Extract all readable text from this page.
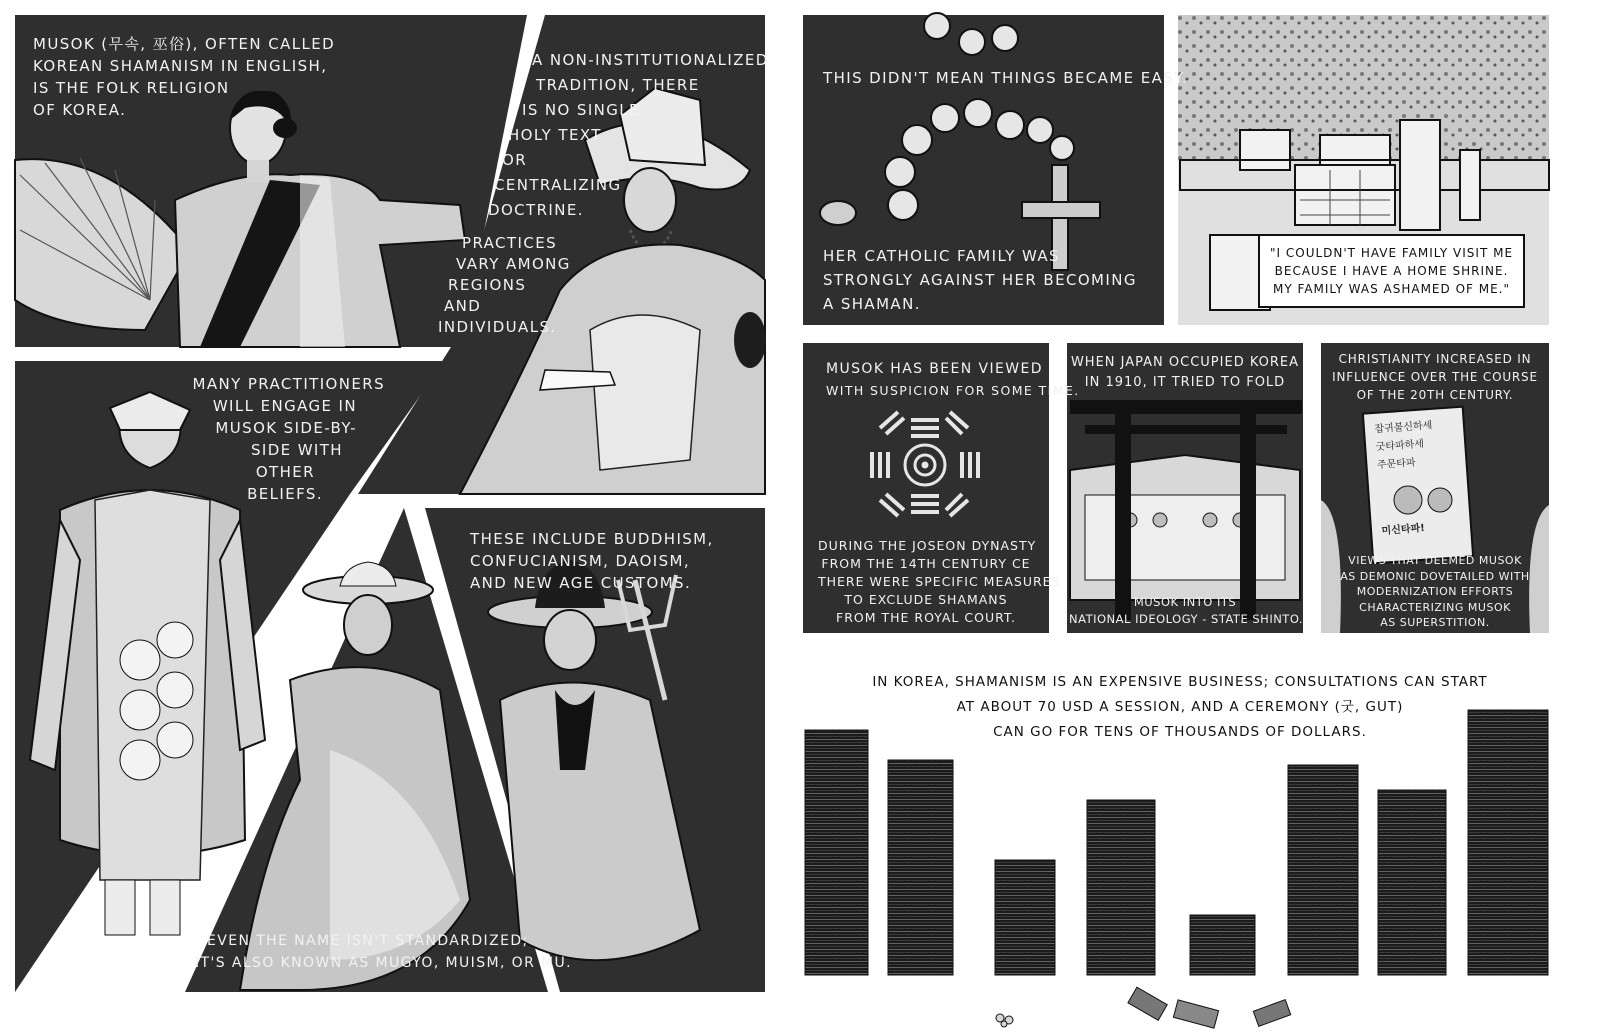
MUSOK (무속, 巫俗), OFTEN CALLED
KOREAN SHAMANISM IN ENGLISH,
IS THE FOLK RELIGION
OF KOREA.
A NON-INSTITUTIONALIZED
TRADITION, THERE
IS NO SINGLE
HOLY TEXT
OR
CENTRALIZING
DOCTRINE.
PRACTICES
VARY AMONG
REGIONS
AND
INDIVIDUALS.
MANY PRACTITIONERS
WILL ENGAGE IN
MUSOK SIDE-BY-
SIDE WITH
OTHER
BELIEFS.
THESE INCLUDE BUDDHISM,
CONFUCIANISM, DAOISM,
AND NEW AGE CUSTOMS.
EVEN THE NAME ISN'T STANDARDIZED;
IT'S ALSO KNOWN AS MUGYO, MUISM, OR MU.
THIS DIDN'T MEAN THINGS BECAME EASY.
HER CATHOLIC FAMILY WAS
STRONGLY AGAINST HER BECOMING
A SHAMAN.
"I COULDN'T HAVE FAMILY VISIT ME
BECAUSE I HAVE A HOME SHRINE.
MY FAMILY WAS ASHAMED OF ME."
MUSOK HAS BEEN VIEWED
WITH SUSPICION FOR SOME TIME.
DURING THE JOSEON DYNASTY
FROM THE 14TH CENTURY CE
THERE WERE SPECIFIC MEASURES
TO EXCLUDE SHAMANS
FROM THE ROYAL COURT.
WHEN JAPAN OCCUPIED KOREA
IN 1910, IT TRIED TO FOLD
MUSOK INTO ITS
NATIONAL IDEOLOGY - STATE SHINTO.
CHRISTIANITY INCREASED IN
INFLUENCE OVER THE COURSE
OF THE 20TH CENTURY.
잡귀불신하세
굿타파하세
주문타파
미신타파!
VIEWS THAT DEEMED MUSOK
AS DEMONIC DOVETAILED WITH
MODERNIZATION EFFORTS
CHARACTERIZING MUSOK
AS SUPERSTITION.
IN KOREA, SHAMANISM IS AN EXPENSIVE BUSINESS; CONSULTATIONS CAN START
AT ABOUT 70 USD A SESSION, AND A CEREMONY (굿, GUT)
CAN GO FOR TENS OF THOUSANDS OF DOLLARS.
